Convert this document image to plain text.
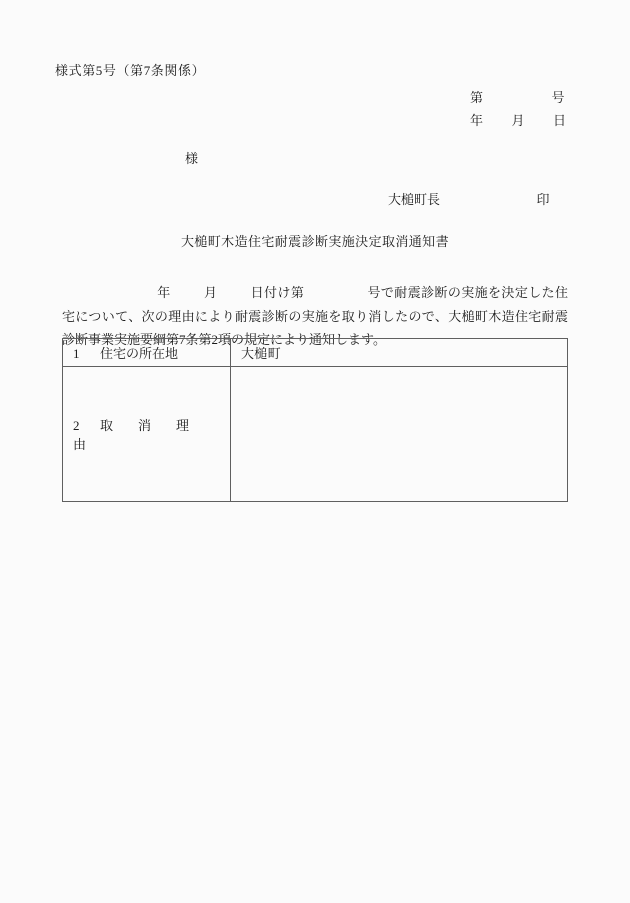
様式第5号（第7条関係）
第	号
年 月 日
様
大槌町長	印
大槌町木造住宅耐震診断実施決定取消通知書

年	月	日付け第	号で耐震診断の実施を決定した住宅について、次の理由により耐震診断の実施を取り消したので、大槌町木造住宅耐震診断事業実施要綱第7条第2項の規定により通知します。

1 住宅の所在地	大槌町
2 取　消　理　由	
